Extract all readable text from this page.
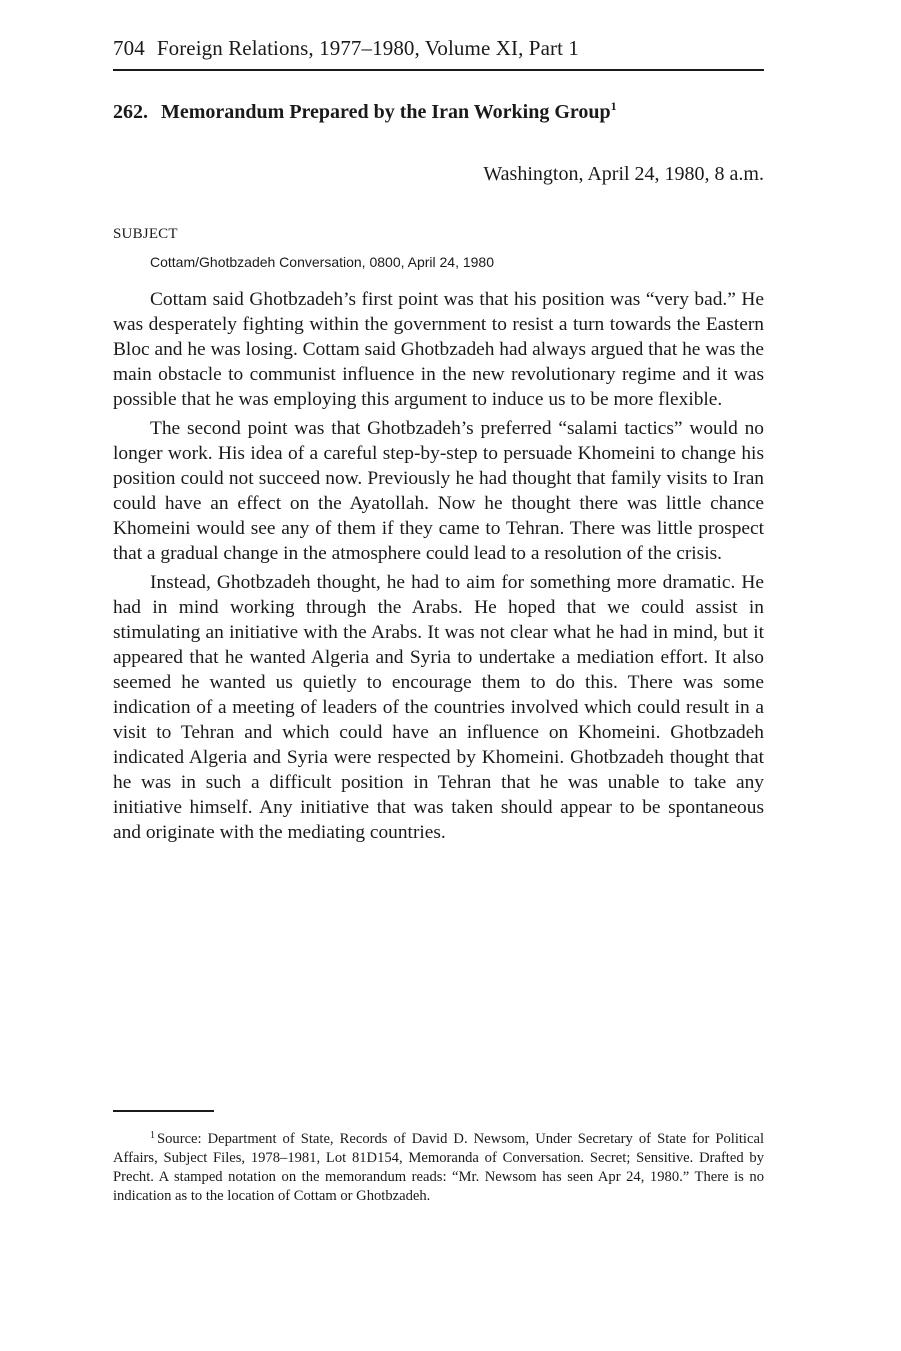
704 Foreign Relations, 1977–1980, Volume XI, Part 1
262. Memorandum Prepared by the Iran Working Group$^1$
Washington, April 24, 1980, 8 a.m.
SUBJECT
Cottam/Ghotbzadeh Conversation, 0800, April 24, 1980

Cottam said Ghotbzadeh’s first point was that his position was “very bad.” He was desperately fighting within the government to resist a turn towards the Eastern Bloc and he was losing. Cottam said Ghotbzadeh had always argued that he was the main obstacle to communist influence in the new revolutionary regime and it was possible that he was employing this argument to induce us to be more flexible.

The second point was that Ghotbzadeh’s preferred “salami tactics” would no longer work. His idea of a careful step-by-step to persuade Khomeini to change his position could not succeed now. Previously he had thought that family visits to Iran could have an effect on the Ayatollah. Now he thought there was little chance Khomeini would see any of them if they came to Tehran. There was little prospect that a gradual change in the atmosphere could lead to a resolution of the crisis.

Instead, Ghotbzadeh thought, he had to aim for something more dramatic. He had in mind working through the Arabs. He hoped that we could assist in stimulating an initiative with the Arabs. It was not clear what he had in mind, but it appeared that he wanted Algeria and Syria to undertake a mediation effort. It also seemed he wanted us quietly to encourage them to do this. There was some indication of a meeting of leaders of the countries involved which could result in a visit to Tehran and which could have an influence on Khomeini. Ghotbzadeh indicated Algeria and Syria were respected by Khomeini. Ghotbzadeh thought that he was in such a difficult position in Tehran that he was unable to take any initiative himself. Any initiative that was taken should appear to be spontaneous and originate with the mediating countries.

$^1$ Source: Department of State, Records of David D. Newsom, Under Secretary of State for Political Affairs, Subject Files, 1978–1981, Lot 81D154, Memoranda of Conversation. Secret; Sensitive. Drafted by Precht. A stamped notation on the memorandum reads: “Mr. Newsom has seen Apr 24, 1980.” There is no indication as to the location of Cottam or Ghotbzadeh.
